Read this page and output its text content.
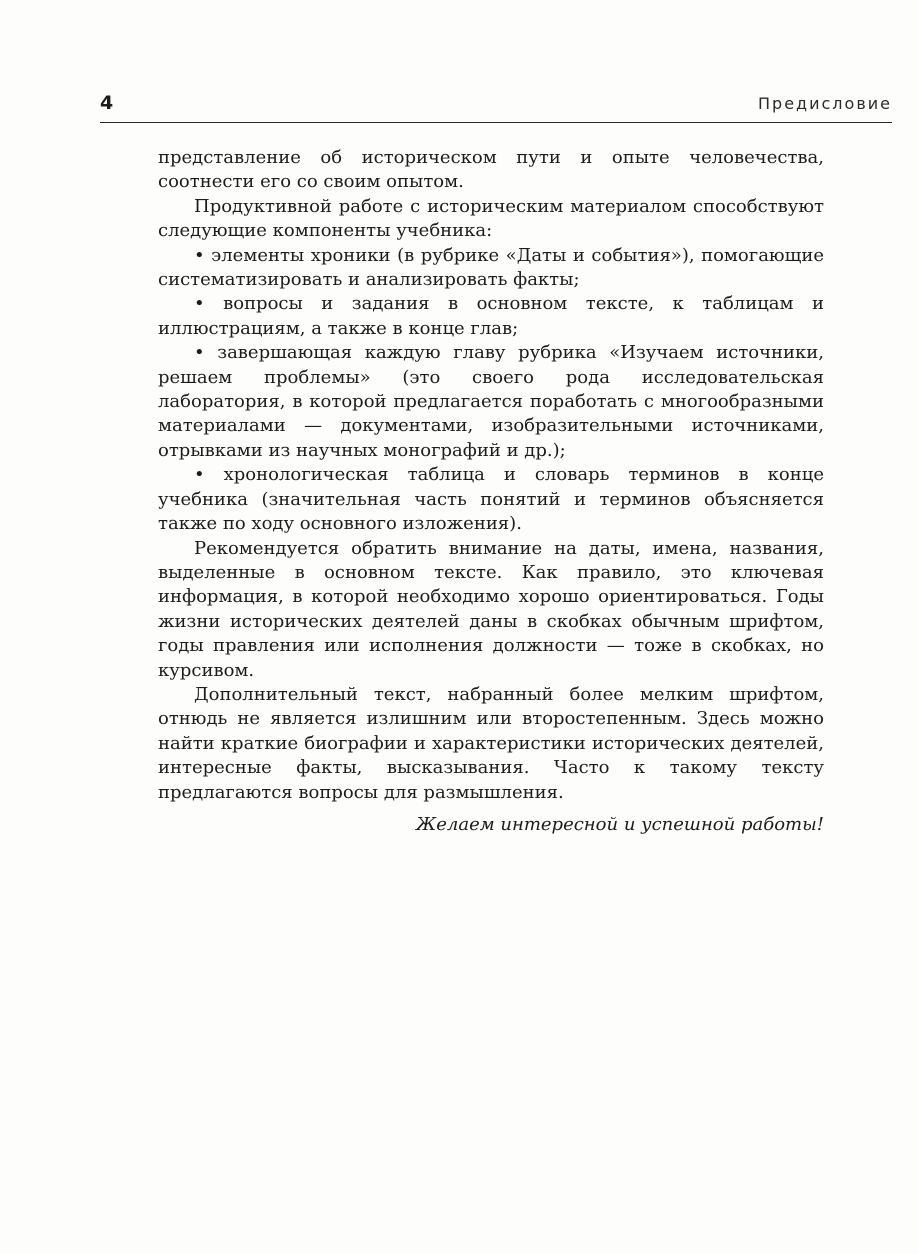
4	Предисловие

представление об историческом пути и опыте человечества, соотнести его со своим опытом.

Продуктивной работе с историческим материалом способствуют следующие компоненты учебника:

• элементы хроники (в рубрике «Даты и события»), помогающие систематизировать и анализировать факты;

• вопросы и задания в основном тексте, к таблицам и иллюстрациям, а также в конце глав;

• завершающая каждую главу рубрика «Изучаем источники, решаем проблемы» (это своего рода исследовательская лаборатория, в которой предлагается поработать с многообразными материалами — документами, изобразительными источниками, отрывками из научных монографий и др.);

• хронологическая таблица и словарь терминов в конце учебника (значительная часть понятий и терминов объясняется также по ходу основного изложения).

Рекомендуется обратить внимание на даты, имена, названия, выделенные в основном тексте. Как правило, это ключевая информация, в которой необходимо хорошо ориентироваться. Годы жизни исторических деятелей даны в скобках обычным шрифтом, годы правления или исполнения должности — тоже в скобках, но курсивом.

Дополнительный текст, набранный более мелким шрифтом, отнюдь не является излишним или второстепенным. Здесь можно найти краткие биографии и характеристики исторических деятелей, интересные факты, высказывания. Часто к такому тексту предлагаются вопросы для размышления.

Желаем интересной и успешной работы!
